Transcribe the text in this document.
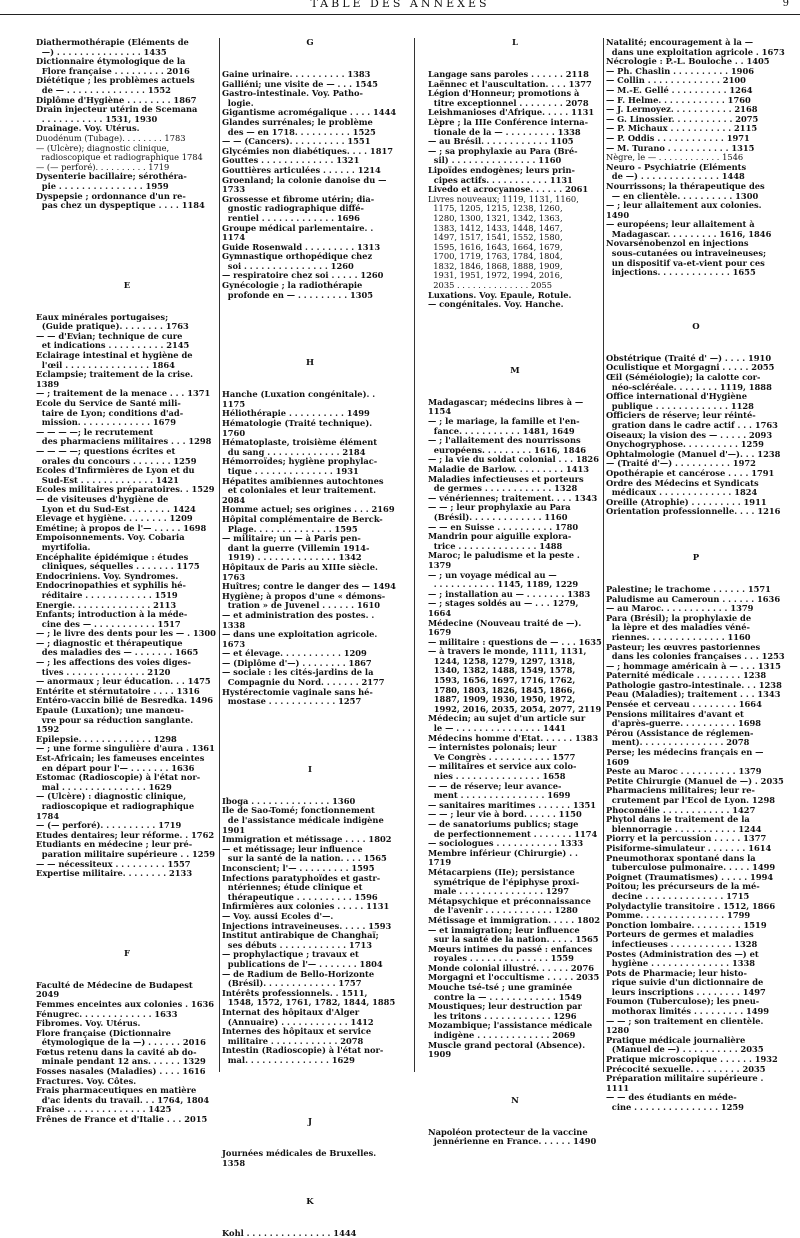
TABLE DES ANNEXES	9
Diathermothérapie (Eléments de
—) . . . . . . . . . . . . . . . 1435
Dictionnaire étymologique de la
Flore française . . . . . . . . . 2016
Diététique ; les problèmes actuels
de — . . . . . . . . . . . . . . 1552
Diplôme d'Hygiène . . . . . . . . 1867
Drain injecteur utérin de Scemana
. . . . . . . . . . . 1531, 1930
Drainage. Voy. Utérus.
Duodénum (Tubage). . . . . . . . 1783
— (Ulcère); diagnostic clinique,
radioscopique et radiographique 1784
— (— perforé). . . . . . . . . . 1719
Dysenterie bacillaire; sérothéra-
pie . . . . . . . . . . . . . . . 1959
Dyspepsie ; ordonnance d'un re-
pas chez un dyspeptique . . . . 1184
E
Eaux minérales portugaises;
(Guide pratique). . . . . . . . 1763
— — d'Evian; technique de cure
et indications . . . . . . . . . . 2145
Eclairage intestinal et hygiène de
l'œil . . . . . . . . . . . . . . . 1864
Eclampsie; traitement de la crise. 1389
— ; traitement de la menace . . . 1371
Ecole du Service de Santé mili-
taire de Lyon; conditions d'ad-
mission. . . . . . . . . . . . . 1679
— — — —; le recrutement
des pharmaciens militaires . . . 1298
— — — —; questions écrites et
orales du concours . . . . . . . 1259
Ecoles d'Infirmières de Lyon et du
Sud-Est . . . . . . . . . . . . . 1421
Ecoles militaires préparatoires. . 1529
— de visiteuses d'hygiène de
Lyon et du Sud-Est . . . . . . . 1424
Elevage et hygiène. . . . . . . . 1209
Emétine; à propos de l'— . . . . . 1698
Empoisonnements. Voy. Cobaria
myrtifolia.
Encéphalite épidémique : études
cliniques, séquelles . . . . . . . 1175
Endocriniens. Voy. Syndromes.
Endocrinopathies et syphilis hé-
réditaire . . . . . . . . . . . . 1519
Energie. . . . . . . . . . . . . . 2113
Enfants; introduction à la méde-
cine des — . . . . . . . . . . . 1517
— ; le livre des dents pour les — . 1300
— ; diagnostic et thérapeutique
des maladies des — . . . . . . . 1665
— ; les affections des voies diges-
tives . . . . . . . . . . . . . . 2120
— anormaux ; leur éducation. . . 1475
Entérite et stérnutatoire . . . . 1316
Entéro-vaccin bilié de Besredka. 1496
Epaule (Luxation); une manœu-
vre pour sa réduction sanglante. 1592
Epilepsie. . . . . . . . . . . . . 1298
— ; une forme singulière d'aura . 1361
Est-Africain; les fameuses enceintes
en départ pour l'— . . . . . . . 1636
Estomac (Radioscopie) à l'état nor-
mal . . . . . . . . . . . . . . . 1629
— (Ulcère) : diagnostic clinique,
radioscopique et radiographique 1784
— (— perforé). . . . . . . . . . 1719
Etudes dentaires; leur réforme. . 1762
Etudiants en médecine ; leur pré-
paration militaire supérieure . . 1259
— — nécessiteux . . . . . . . . . 1557
Expertise militaire. . . . . . . . 2133
F
Faculté de Médecine de Budapest 2049
Femmes enceintes aux colonies . 1636
Fénugrec. . . . . . . . . . . . . 1633
Fibromes. Voy. Utérus.
Flore française (Dictionnaire
étymologique de la —) . . . . . . 2016
Fœtus retenu dans la cavité ab do-
minale pendant 12 ans. . . . . . 1329
Fosses nasales (Maladies) . . . . 1616
Fractures. Voy. Côtes.
Frais pharmaceutiques en matière
d'ac idents du travail. . . 1764, 1804
Fraise . . . . . . . . . . . . . . 1425
Frênes de France et d'Italie . . . 2015
G
Gaine urinaire. . . . . . . . . . 1383
Galliéni; une visite de — . . . 1545
Gastro-intestinale. Voy. Patho-
logie.
Gigantisme acromégalique . . . . 1444
Glandes surrénales; le problème
des — en 1718. . . . . . . . . . 1525
— — (Cancers). . . . . . . . . . 1551
Glycémies non diabétiques. . . . 1817
Gouttes . . . . . . . . . . . . . 1321
Gouttières articulées . . . . . . 1214
Groenland; la colonie danoise du — 1733
Grossesse et fibrome utérin; dia-
gnostic radiographique diffé-
rentiel . . . . . . . . . . . . . 1696
Groupe médical parlementaire. . 1174
Guide Rosenwald . . . . . . . . . 1313
Gymnastique orthopédique chez
soi . . . . . . . . . . . . . . . 1260
— respiratoire chez soi . . . . . 1260
Gynécologie ; la radiothérapie
profonde en — . . . . . . . . . 1305
H
Hanche (Luxation congénitale). . 1175
Héliothérapie . . . . . . . . . . 1499
Hématologie (Traité technique). 1760
Hématoplaste, troisième élément
du sang . . . . . . . . . . . . . 2184
Hémorroïdes; hygiène prophylac-
tique . . . . . . . . . . . . . . 1931
Hépatites amibiennes autochtones
et coloniales et leur traitement. 2084
Homme actuel; ses origines . . . 2169
Hôpital complémentaire de Berck-
Plage. . . . . . . . . . . . . . 1595
— militaire; un — à Paris pen-
dant la guerre (Villemin 1914-
1919) . . . . . . . . . . . . . . 1342
Hôpitaux de Paris au XIIIe siècle. 1763
Huîtres; contre le danger des — 1494
Hygiène; à propos d'une « démons-
tration » de Juvenel . . . . . . 1610
— et administration des postes. . 1338
— dans une exploitation agricole. 1673
— et élevage. . . . . . . . . . . 1209
— (Diplôme d'—) . . . . . . . . 1867
— sociale : les cités-jardins de la
Compagnie du Nord. . . . . . . 2177
Hystérectomie vaginale sans hé-
mostase . . . . . . . . . . . . 1257
I
Iboga . . . . . . . . . . . . . . 1360
Ile de Sao-Tomé; fonctionnement
de l'assistance médicale indigène 1901
Immigration et métissage . . . . 1802
— et métissage; leur influence
sur la santé de la nation. . . . 1565
Inconscient; l'— . . . . . . . . . 1595
Infections paratyphoïdes et gastr-
ntériennes; étude clinique et
thérapeutique . . . . . . . . . . 1596
Infirmières aux colonies . . . . . 1131
— Voy. aussi Ecoles d'—.
Injections intraveineuses. . . . . 1593
Institut antirabique de Changhaï;
ses débuts . . . . . . . . . . . . 1713
— prophylactique ; travaux et
publications de l'— . . . . . . . 1804
— de Radium de Bello-Horizonte
(Brésil). . . . . . . . . . . . . 1757
Intérêts professionnels. . 1511,
1548, 1572, 1761, 1782, 1844, 1885
Internat des hôpitaux d'Alger
(Annuaire) . . . . . . . . . . . . 1412
Internes des hôpitaux et service
militaire . . . . . . . . . . . . 2078
Intestin (Radioscopie) à l'état nor-
mal. . . . . . . . . . . . . . . 1629
J
Journées médicales de Bruxelles. 1358
K
Kohl . . . . . . . . . . . . . . . 1444
L
Langage sans paroles . . . . . . 2118
Laënnec et l'auscultation. . . . 1377
Légion d'Honneur; promotions à
titre exceptionnel . . . . . . . . 2078
Leishmanioses d'Afrique. . . . . 1131
Lèpre ; la IIIe Conférence interna-
tionale de la — . . . . . . . . . 1338
— au Brésil. . . . . . . . . . . . 1105
— ; sa prophylaxie au Para (Bré-
sil) . . . . . . . . . . . . . . . 1160
Lipoïdes endogènes; leurs prin-
cipes actifs. . . . . . . . . . . 1131
Livedo et acrocyanose. . . . . . 2061
Livres nouveaux; 1119, 1131, 1160,
1175, 1205, 1215, 1238, 1260,
1280, 1300, 1321, 1342, 1363,
1383, 1412, 1433, 1448, 1467,
1497, 1517, 1541, 1552, 1580,
1595, 1616, 1643, 1664, 1679,
1700, 1719, 1763, 1784, 1804,
1832, 1846, 1868, 1888, 1909,
1931, 1951, 1972, 1994, 2016,
2035 . . . . . . . . . . . . . . 2055
Luxations. Voy. Epaule, Rotule.
— congénitales. Voy. Hanche.
M
Madagascar; médecins libres à — 1154
— ; le mariage, la famille et l'en-
fance. . . . . . . . . . . 1481, 1649
— ; l'allaitement des nourrissons
européens. . . . . . . . . 1616, 1846
— ; la vie du soldat colonial . . . 1826
Maladie de Barlow. . . . . . . . . 1413
Maladies infectieuses et porteurs
de germes . . . . . . . . . . . . 1328
— vénériennes; traitement. . . . 1343
— — ; leur prophylaxie au Para
(Brésil). . . . . . . . . . . . . 1160
— — en Suisse . . . . . . . . . . 1780
Mandrin pour aiguille explora-
trice . . . . . . . . . . . . . . 1488
Maroc; le paludisme et la peste . 1379
— ; un voyage médical au —
. . . . . . . . . . . 1145, 1189, 1229
— ; installation au — . . . . . . . 1383
— ; stages soldés au — . . . 1279, 1664
Médecine (Nouveau traité de —). 1679
— militaire : questions de — . . . 1635
— à travers le monde, 1111, 1131,
1244, 1258, 1279, 1297, 1318,
1340, 1382, 1488, 1549, 1578,
1593, 1656, 1697, 1716, 1762,
1780, 1803, 1826, 1845, 1866,
1887, 1909, 1930, 1950, 1972,
1992, 2016, 2035, 2054, 2077, 2119
Médecin; au sujet d'un article sur
le — . . . . . . . . . . . . . . . 1441
Médecins homme d'Etat. . . . . . 1383
— internistes polonais; leur
Ve Congrès . . . . . . . . . . . 1577
— militaires et service aux colo-
nies . . . . . . . . . . . . . . . 1658
— — de réserve; leur avance-
ment . . . . . . . . . . . . . . . 1699
— sanitaires maritimes . . . . . . 1351
— — ; leur vie à bord. . . . . . 1150
— de sanatoriums publics; stage
de perfectionnement . . . . . . . 1174
— sociologues . . . . . . . . . . . 1333
Membre inférieur (Chirurgie) . . 1719
Métacarpiens (IIe); persistance
symétrique de l'épiphyse proxi-
male . . . . . . . . . . . . . . . 1297
Métapsychique et préconnaissance
de l'avenir . . . . . . . . . . . . 1280
Métissage et immigration. . . . . 1802
— et immigration; leur influence
sur la santé de la nation. . . . . 1565
Mœurs intimes du passé : enfances
royales . . . . . . . . . . . . . . 1559
Monde colonial illustré. . . . . . 2076
Morgagni et l'occultisme . . . . . 2035
Mouche tsé-tsé ; une graminée
contre la — . . . . . . . . . . . . 1549
Moustiques; leur destruction par
les tritons . . . . . . . . . . . . 1296
Mozambique; l'assistance médicale
indigène . . . . . . . . . . . . . 2069
Muscle grand pectoral (Absence). 1909
N
Napoléon protecteur de la vaccine
jennérienne en France. . . . . . 1490
Natalité; encouragement à la —
dans une exploitation agricole . 1673
Nécrologie : P.-L. Bouloche . . 1405
— Ph. Chaslin . . . . . . . . . . 1906
— Collin . . . . . . . . . . . . . 2100
— M.-E. Gellé . . . . . . . . . . 1264
— F. Helme. . . . . . . . . . . . 1760
— J. Lermoyez. . . . . . . . . . . 2168
— G. Linossier. . . . . . . . . . . 2075
— P. Michaux . . . . . . . . . . . 2115
— P. Oddis . . . . . . . . . . . . 1971
— M. Turano . . . . . . . . . . . 1315
Nègre, le — . . . . . . . . . . . . 1546
Neuro - Psychiatrie (Eléments
de —) . . . . . . . . . . . . . . 1448
Nourrissons; la thérapeutique des
— en clientèle. . . . . . . . . . 1300
— ; leur allaitement aux colonies. 1490
— européens; leur allaitement à
Madagascar. . . . . . . . . 1616, 1846
Novarsénobenzol en injections
sous-cutanées ou intraveineuses;
un dispositif va-et-vient pour ces
injections. . . . . . . . . . . . . 1655
O
Obstétrique (Traité d' —) . . . . 1910
Oculistique et Morgagni . . . . . 2055
Œil (Séméiologie); la calotte cor-
néo-scléréale. . . . . . . . 1119, 1888
Office international d'Hygiène
publique . . . . . . . . . . . . . 1128
Officiers de réserve; leur réinté-
gration dans le cadre actif . . . 1763
Oiseaux; la vision des — . . . . . 2093
Onychogryphose. . . . . . . . . . 1259
Ophtalmologie (Manuel d'—). . . 1238
— (Traité d'—) . . . . . . . . . . 1972
Opothérapie et cancérose . . . . 1791
Ordre des Médecins et Syndicats
médicaux . . . . . . . . . . . . . 1824
Oreille (Atrophie) . . . . . . . . . 1911
Orientation professionnelle. . . . 1216
P
Palestine; le trachome . . . . . . 1571
Paludisme au Cameroun . . . . . . 1636
— au Maroc. . . . . . . . . . . . 1379
Para (Brésil); la prophylaxie de
la lèpre et des maladies véné-
riennes. . . . . . . . . . . . . . 1160
Pasteur; les œuvres pastoriennes
dans les colonies françaises . . . 1253
— ; hommage américain à — . . . 1315
Paternité médicale . . . . . . . . 1238
Pathologie gastro-intestinale. . . 1238
Peau (Maladies); traitement . . . 1343
Pensée et cerveau . . . . . . . . 1664
Pensions militaires d'avant et
d'après-guerre. . . . . . . . . . 1698
Pérou (Assistance de réglemen-
ment). . . . . . . . . . . . . . . 2078
Perse; les médecins français en — 1609
Peste au Maroc . . . . . . . . . . 1379
Petite Chirurgie (Manuel de —) . 2035
Pharmaciens militaires; leur re-
crutement par l'Ecol de Lyon. 1298
Phocomélie . . . . . . . . . . . . 1427
Phytol dans le traitement de la
blennorragie . . . . . . . . . . . 1244
Piorry et la percussion . . . . . 1377
Pisiforme-simulateur . . . . . . . 1614
Pneumothorax spontané dans la
tuberculose pulmonaire. . . . . 1499
Poignet (Traumatismes) . . . . . 1994
Poitou; les précurseurs de la mé-
decine . . . . . . . . . . . . . . 1715
Polydactylie transitoire . 1512, 1866
Pomme. . . . . . . . . . . . . . . 1799
Ponction lombaire. . . . . . . . . 1519
Porteurs de germes et maladies
infectieuses . . . . . . . . . . . 1328
Postes (Administration des —) et
hygiène . . . . . . . . . . . . . . 1338
Pots de Pharmacie; leur histo-
rique suivie d'un dictionnaire de
leurs inscriptions . . . . . . . . 1497
Foumon (Tuberculose); les pneu-
mothorax limités . . . . . . . . . 1499
— — ; son traitement en clientèle. 1280
Pratique médicale journalière
(Manuel de —) . . . . . . . . . . 2035
Pratique microscopique . . . . . . 1932
Précocité sexuelle. . . . . . . . . 2035
Préparation militaire supérieure . 1111
— — des étudiants en méde-
cine . . . . . . . . . . . . . . . 1259
